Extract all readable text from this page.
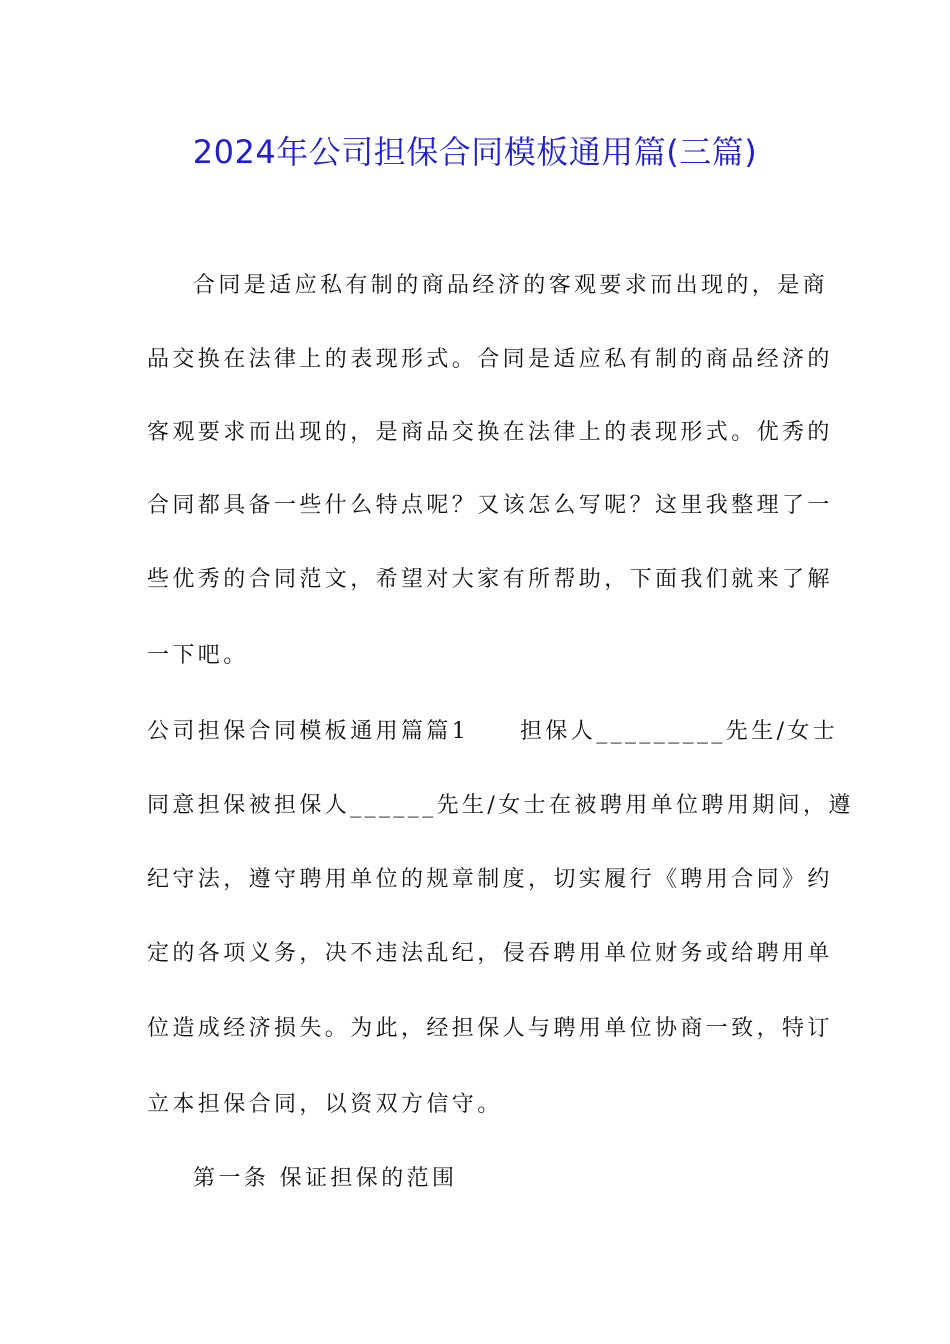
2024年公司担保合同模板通用篇(三篇)
合同是适应私有制的商品经济的客观要求而出现的，是商
品交换在法律上的表现形式。合同是适应私有制的商品经济的
客观要求而出现的，是商品交换在法律上的表现形式。优秀的
合同都具备一些什么特点呢？又该怎么写呢？这里我整理了一
些优秀的合同范文，希望对大家有所帮助，下面我们就来了解
一下吧。
公司担保合同模板通用篇篇1　　担保人_________先生/女士
同意担保被担保人______先生/女士在被聘用单位聘用期间，遵
纪守法，遵守聘用单位的规章制度，切实履行《聘用合同》约
定的各项义务，决不违法乱纪，侵吞聘用单位财务或给聘用单
位造成经济损失。为此，经担保人与聘用单位协商一致，特订
立本担保合同，以资双方信守。
第一条 保证担保的范围
